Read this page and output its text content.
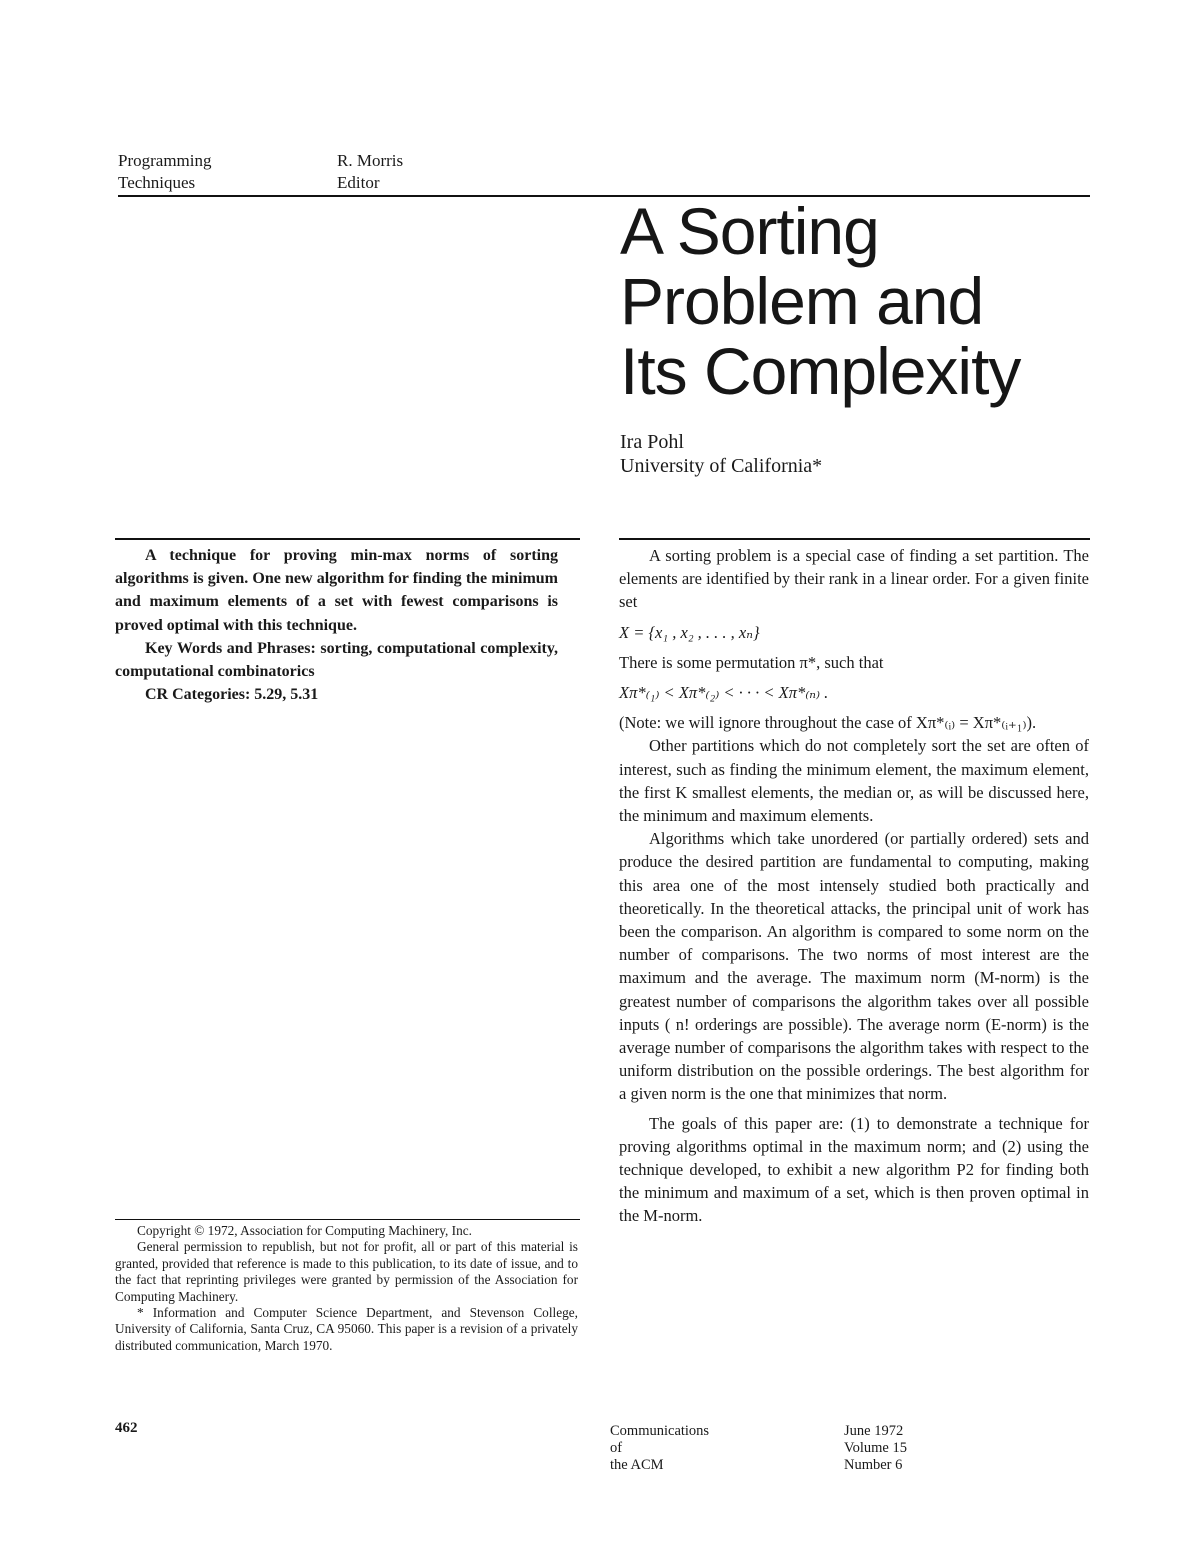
Programming
Techniques
R. Morris
Editor
A Sorting
Problem and
Its Complexity
Ira Pohl
University of California*

A technique for proving min-max norms of sorting algorithms is given. One new algorithm for finding the minimum and maximum elements of a set with fewest comparisons is proved optimal with this technique.

Key Words and Phrases: sorting, computational complexity, computational combinatorics

CR Categories: 5.29, 5.31

Copyright © 1972, Association for Computing Machinery, Inc.

General permission to republish, but not for profit, all or part of this material is granted, provided that reference is made to this publication, to its date of issue, and to the fact that reprinting privileges were granted by permission of the Association for Computing Machinery.

* Information and Computer Science Department, and Stevenson College, University of California, Santa Cruz, CA 95060. This paper is a revision of a privately distributed communication, March 1970.

462

A sorting problem is a special case of finding a set partition. The elements are identified by their rank in a linear order. For a given finite set

X = {x₁ , x₂ , . . . , xₙ}

There is some permutation π*, such that

Xπ*₍₁₎ < Xπ*₍₂₎ < · · · < Xπ*₍ₙ₎ .

(Note: we will ignore throughout the case of Xπ*₍ᵢ₎ = Xπ*₍ᵢ₊₁₎).

Other partitions which do not completely sort the set are often of interest, such as finding the minimum element, the maximum element, the first K smallest elements, the median or, as will be discussed here, the minimum and maximum elements.

Algorithms which take unordered (or partially ordered) sets and produce the desired partition are fundamental to computing, making this area one of the most intensely studied both practically and theoretically. In the theoretical attacks, the principal unit of work has been the comparison. An algorithm is compared to some norm on the number of comparisons. The two norms of most interest are the maximum and the average. The maximum norm (M-norm) is the greatest number of comparisons the algorithm takes over all possible inputs ( n! orderings are possible). The average norm (E-norm) is the average number of comparisons the algorithm takes with respect to the uniform distribution on the possible orderings. The best algorithm for a given norm is the one that minimizes that norm.

The goals of this paper are: (1) to demonstrate a technique for proving algorithms optimal in the maximum norm; and (2) using the technique developed, to exhibit a new algorithm P2 for finding both the minimum and maximum of a set, which is then proven optimal in the M-norm.

Communications
of
the ACM
June 1972
Volume 15
Number 6
